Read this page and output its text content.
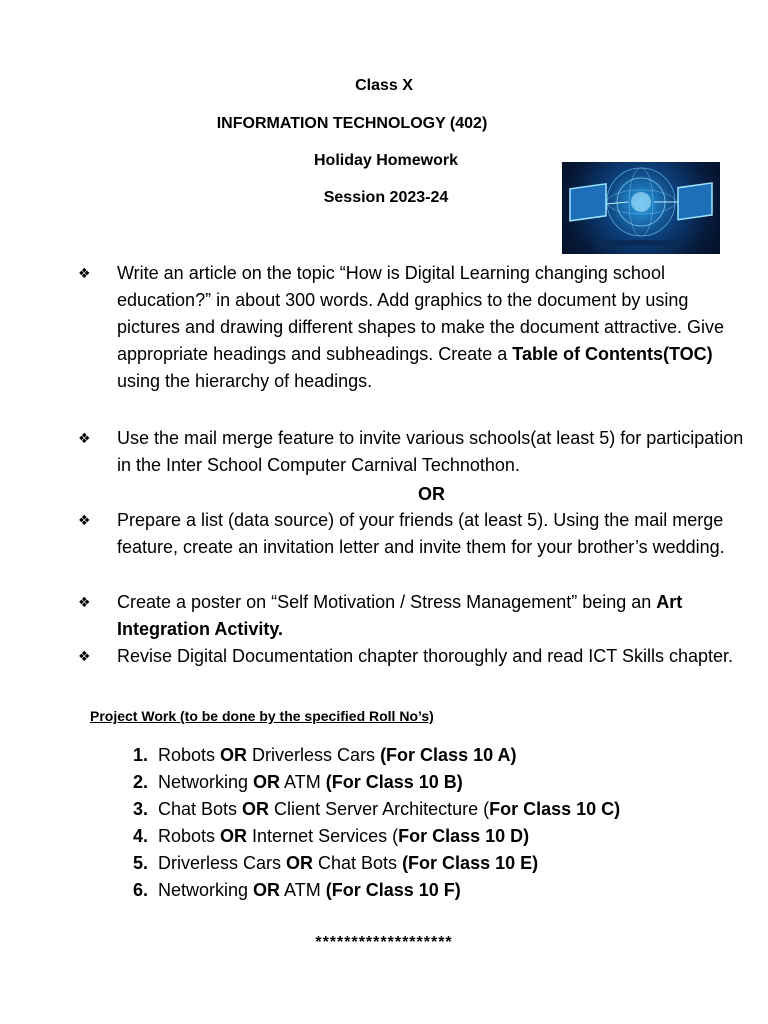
Class X
INFORMATION TECHNOLOGY (402)
Holiday Homework
Session 2023-24
❖	Write an article on the topic “How is Digital Learning changing school education?” in about 300 words. Add graphics to the document by using pictures and drawing different shapes to make the document attractive. Give appropriate headings and subheadings. Create a Table of Contents(TOC) using the hierarchy of headings.
❖	Use the mail merge feature to invite various schools(at least 5) for participation in the Inter School Computer Carnival Technothon.
❖	Prepare a list (data source) of your friends (at least 5). Using the mail merge feature, create an invitation letter and invite them for your brother’s wedding.
❖	Create a poster on “Self Motivation / Stress Management” being an Art Integration Activity.
❖	Revise Digital Documentation chapter thoroughly and read ICT Skills chapter.
OR
Project Work (to be done by the specified Roll No’s)
1. Robots OR Driverless Cars (For Class 10 A)
2. Networking OR ATM (For Class 10 B)
3. Chat Bots OR Client Server Architecture (For Class 10 C)
4. Robots OR Internet Services (For Class 10 D)
5. Driverless Cars OR Chat Bots (For Class 10 E)
6. Networking OR ATM (For Class 10 F)
*******************
